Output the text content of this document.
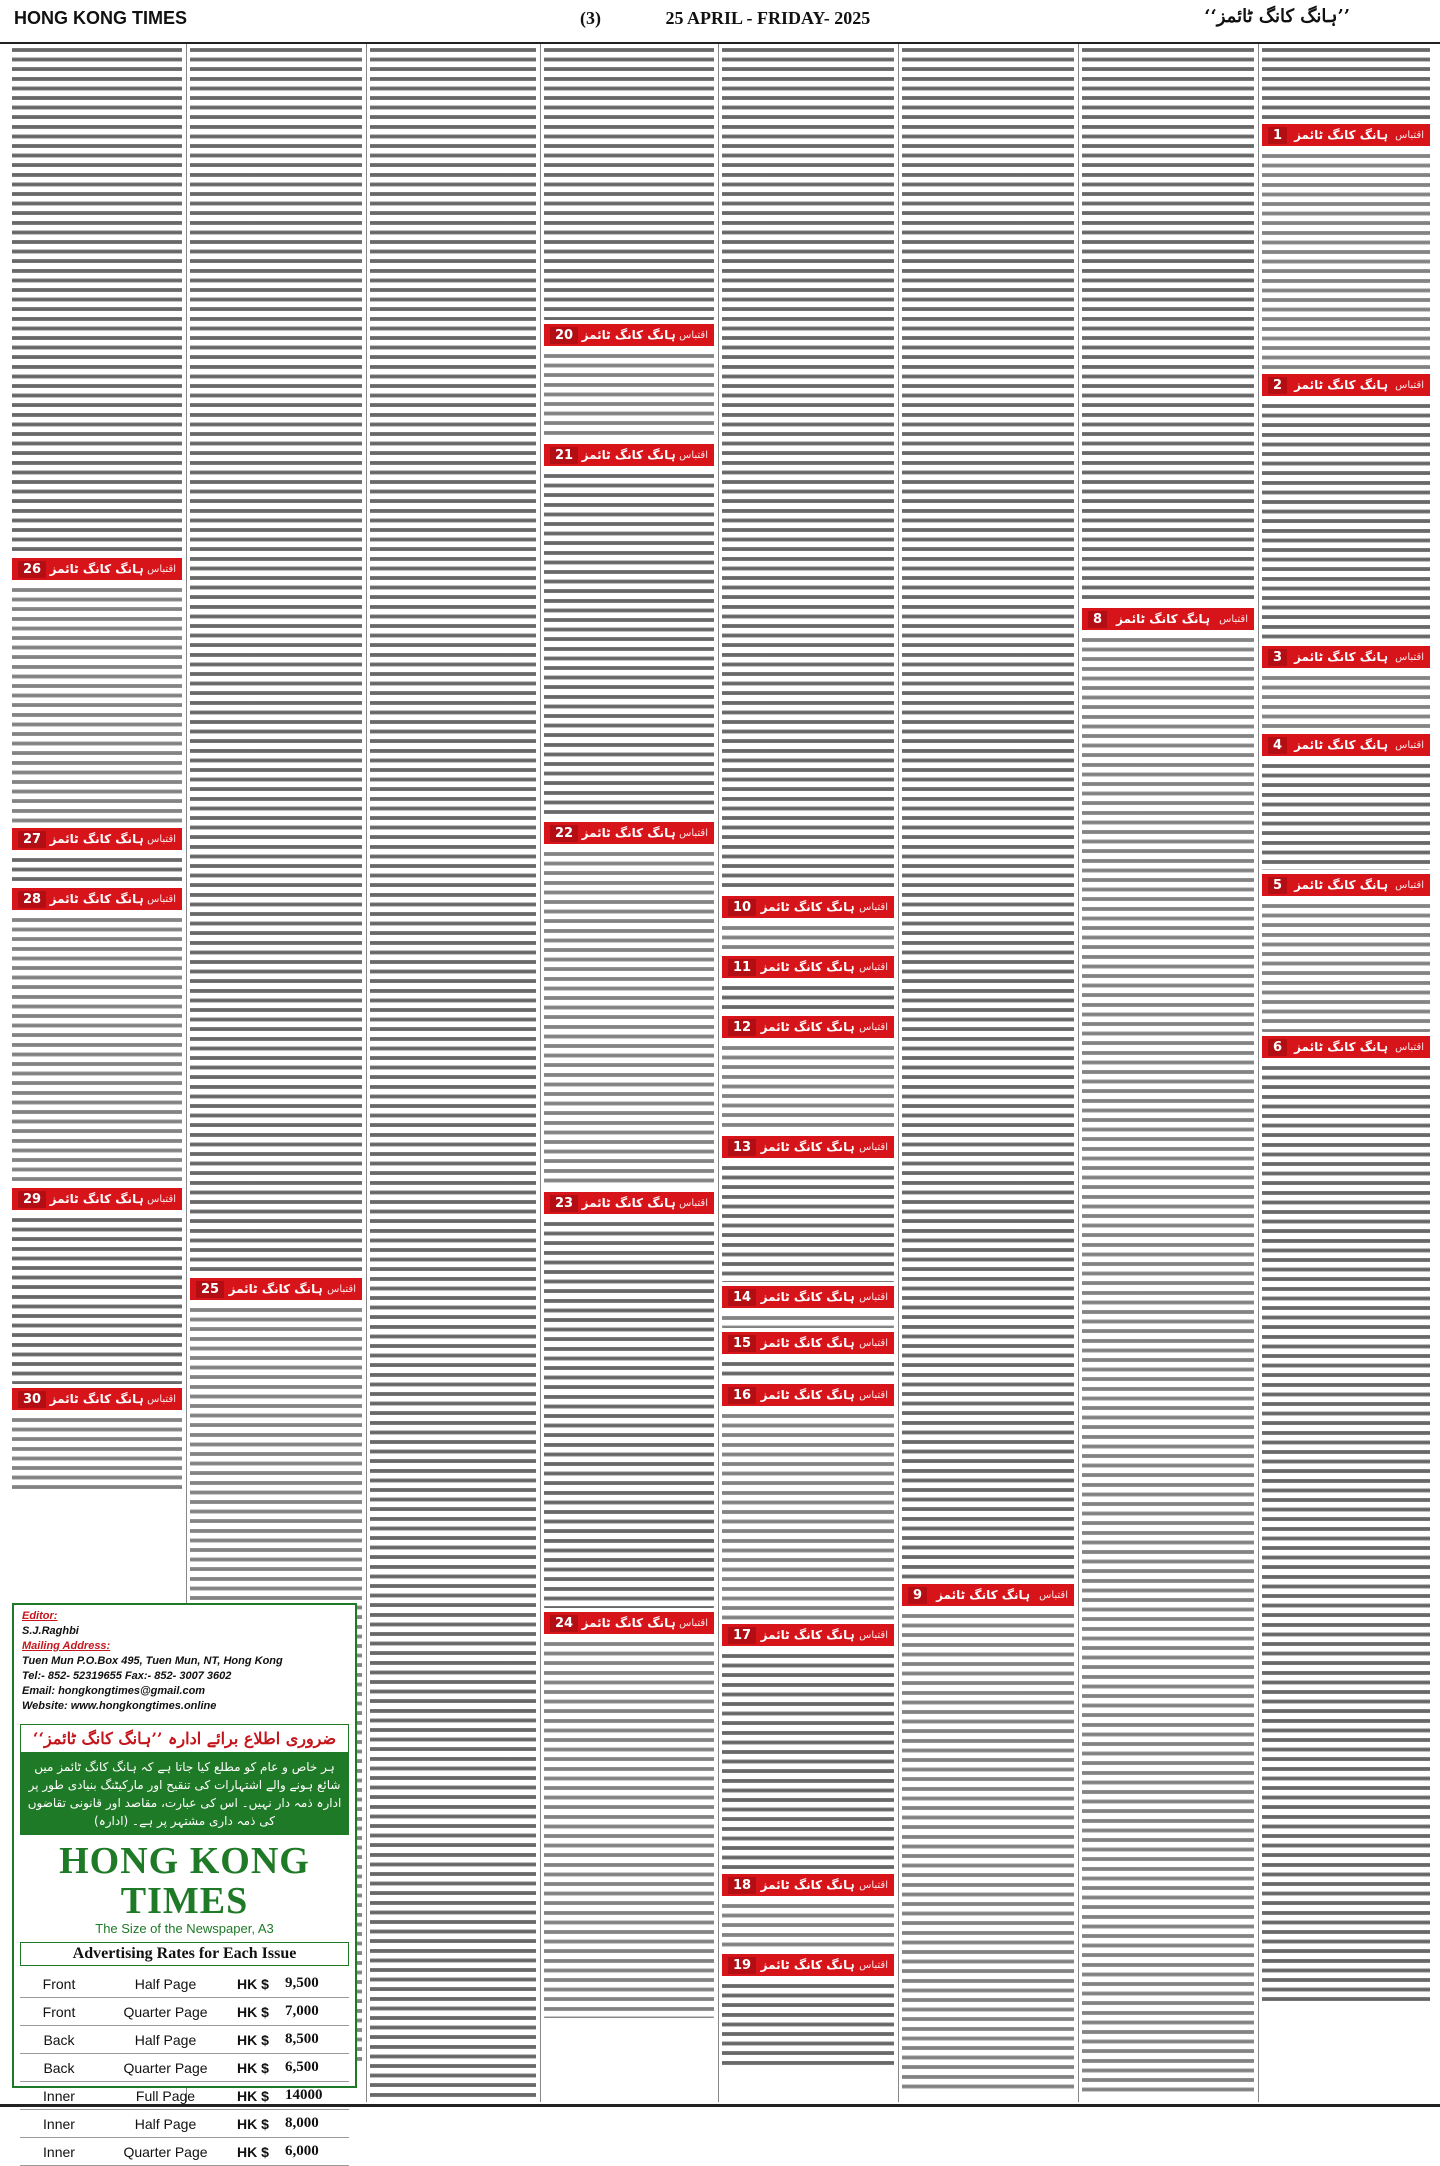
HONG KONG TIMES	(3)	25 APRIL - FRIDAY- 2025	’’ہانگ کانگ ٹائمز‘‘
1	ہانگ کانگ ٹائمز اقتباس
2	ہانگ کانگ ٹائمز اقتباس
3	ہانگ کانگ ٹائمز اقتباس
4	ہانگ کانگ ٹائمز اقتباس
5	ہانگ کانگ ٹائمز اقتباس
6	ہانگ کانگ ٹائمز اقتباس
8	ہانگ کانگ ٹائمز اقتباس
9	ہانگ کانگ ٹائمز اقتباس
10 ہانگ کانگ ٹائمز اقتباس
11 ہانگ کانگ ٹائمز اقتباس
12 ہانگ کانگ ٹائمز اقتباس
13 ہانگ کانگ ٹائمز اقتباس
14 ہانگ کانگ ٹائمز اقتباس
15 ہانگ کانگ ٹائمز اقتباس
16 ہانگ کانگ ٹائمز اقتباس
17 ہانگ کانگ ٹائمز اقتباس
18 ہانگ کانگ ٹائمز اقتباس
19 ہانگ کانگ ٹائمز اقتباس
20 ہانگ کانگ ٹائمز اقتباس
21 ہانگ کانگ ٹائمز اقتباس
22 ہانگ کانگ ٹائمز اقتباس
23 ہانگ کانگ ٹائمز اقتباس
24 ہانگ کانگ ٹائمز اقتباس
25 ہانگ کانگ ٹائمز اقتباس
26 ہانگ کانگ ٹائمز اقتباس
27 ہانگ کانگ ٹائمز اقتباس
28 ہانگ کانگ ٹائمز اقتباس
29 ہانگ کانگ ٹائمز اقتباس
30 ہانگ کانگ ٹائمز اقتباس
Editor:
S.J.Raghbi
Mailing Address:
Tuen Mun P.O.Box 495, Tuen Mun, NT, Hong Kong
Tel:- 852- 52319655 Fax:- 852- 3007 3602
Email: hongkongtimes@gmail.com
Website: www.hongkongtimes.online
ضروری اطلاع برائے ادارہ ’’ہانگ کانگ ٹائمز‘‘
ہر خاص و عام کو مطلع کیا جاتا ہے کہ ہانگ کانگ ٹائمز میں شائع ہونے والے اشتہارات کی تنقیح اور مارکیٹنگ بنیادی طور پر ادارہ ذمہ دار نہیں۔ اس کی عبارت، مقاصد اور قانونی تقاضوں کی ذمہ داری مشتہر پر ہے۔ (ادارہ)
HONG KONG TIMES
The Size of the Newspaper, A3
Advertising Rates for Each Issue
Front	Half Page	HK $	9,500
Front	Quarter Page	HK $	7,000
Back	Half Page	HK $	8,500
Back	Quarter Page	HK $	6,500
Inner	Full Page	HK $	14000
Inner	Half Page	HK $	8,000
Inner	Quarter Page	HK $	6,000
